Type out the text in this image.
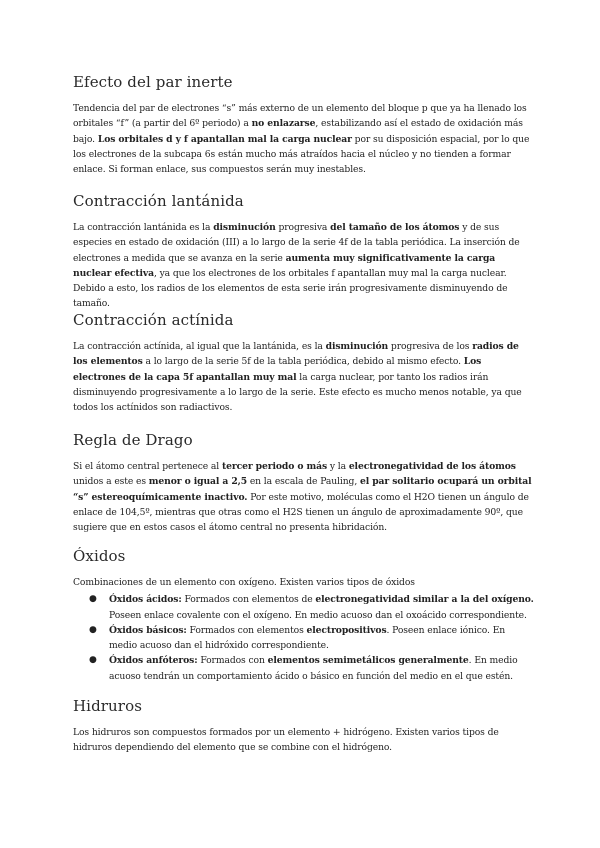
Efecto del par inerte

Tendencia del par de electrones “s” más externo de un elemento del bloque p que ya ha llenado los orbitales “f” (a partir del 6º periodo) a no enlazarse, estabilizando así el estado de oxidación más bajo. Los orbitales d y f apantallan mal la carga nuclear por su disposición espacial, por lo que los electrones de la subcapa 6s están mucho más atraídos hacia el núcleo y no tienden a formar enlace. Si forman enlace, sus compuestos serán muy inestables.

Contracción lantánida

La contracción lantánida es la disminución progresiva del tamaño de los átomos y de sus especies en estado de oxidación (III) a lo largo de la serie 4f de la tabla periódica. La inserción de electrones a medida que se avanza en la serie aumenta muy significativamente la carga nuclear efectiva, ya que los electrones de los orbitales f apantallan muy mal la carga nuclear. Debido a esto, los radios de los elementos de esta serie irán progresivamente disminuyendo de tamaño.

Contracción actínida

La contracción actínida, al igual que la lantánida, es la disminución progresiva de los radios de los elementos a lo largo de la serie 5f de la tabla periódica, debido al mismo efecto. Los electrones de la capa 5f apantallan muy mal la carga nuclear, por tanto los radios irán disminuyendo progresivamente a lo largo de la serie. Este efecto es mucho menos notable, ya que todos los actínidos son radiactivos.

Regla de Drago

Si el átomo central pertenece al tercer periodo o más y la electronegatividad de los átomos unidos a este es menor o igual a 2,5 en la escala de Pauling, el par solitario ocupará un orbital “s” estereoquímicamente inactivo. Por este motivo, moléculas como el H2O tienen un ángulo de enlace de 104,5º, mientras que otras como el H2S tienen un ángulo de aproximadamente 90º, que sugiere que en estos casos el átomo central no presenta hibridación.

Óxidos

Combinaciones de un elemento con oxígeno. Existen varios tipos de óxidos

● Óxidos ácidos: Formados con elementos de electronegatividad similar a la del oxígeno. Poseen enlace covalente con el oxígeno. En medio acuoso dan el oxoácido correspondiente.
● Óxidos básicos: Formados con elementos electropositivos. Poseen enlace iónico. En medio acuoso dan el hidróxido correspondiente.
● Óxidos anfóteros: Formados con elementos semimetálicos generalmente. En medio acuoso tendrán un comportamiento ácido o básico en función del medio en el que estén.
Hidruros

Los hidruros son compuestos formados por un elemento + hidrógeno. Existen varios tipos de hidruros dependiendo del elemento que se combine con el hidrógeno.
